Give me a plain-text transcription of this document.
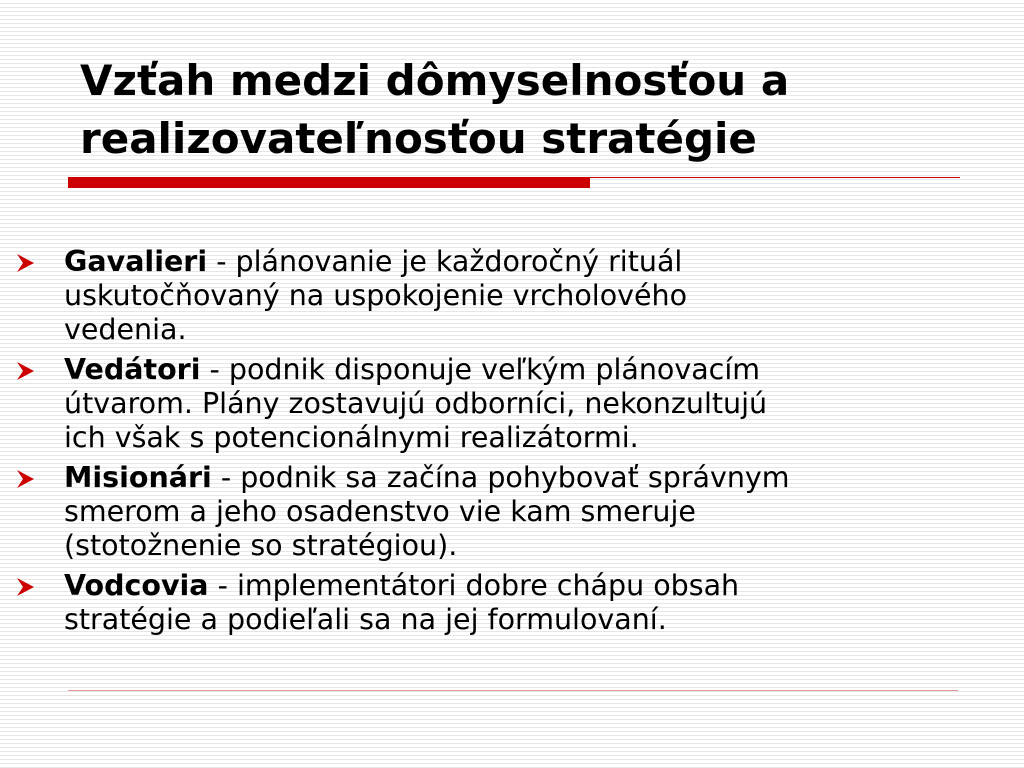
Vzťah medzi dômyselnosťou a
realizovateľnosťou stratégie
Gavalieri - plánovanie je každoročný rituál
uskutočňovaný na uspokojenie vrcholového
vedenia.
Vedátori - podnik disponuje veľkým plánovacím
útvarom. Plány zostavujú odborníci, nekonzultujú
ich však s potencionálnymi realizátormi.
Misionári - podnik sa začína pohybovať správnym
smerom a jeho osadenstvo vie kam smeruje
(stotožnenie so stratégiou).
Vodcovia - implementátori dobre chápu obsah
stratégie a podieľali sa na jej formulovaní.
